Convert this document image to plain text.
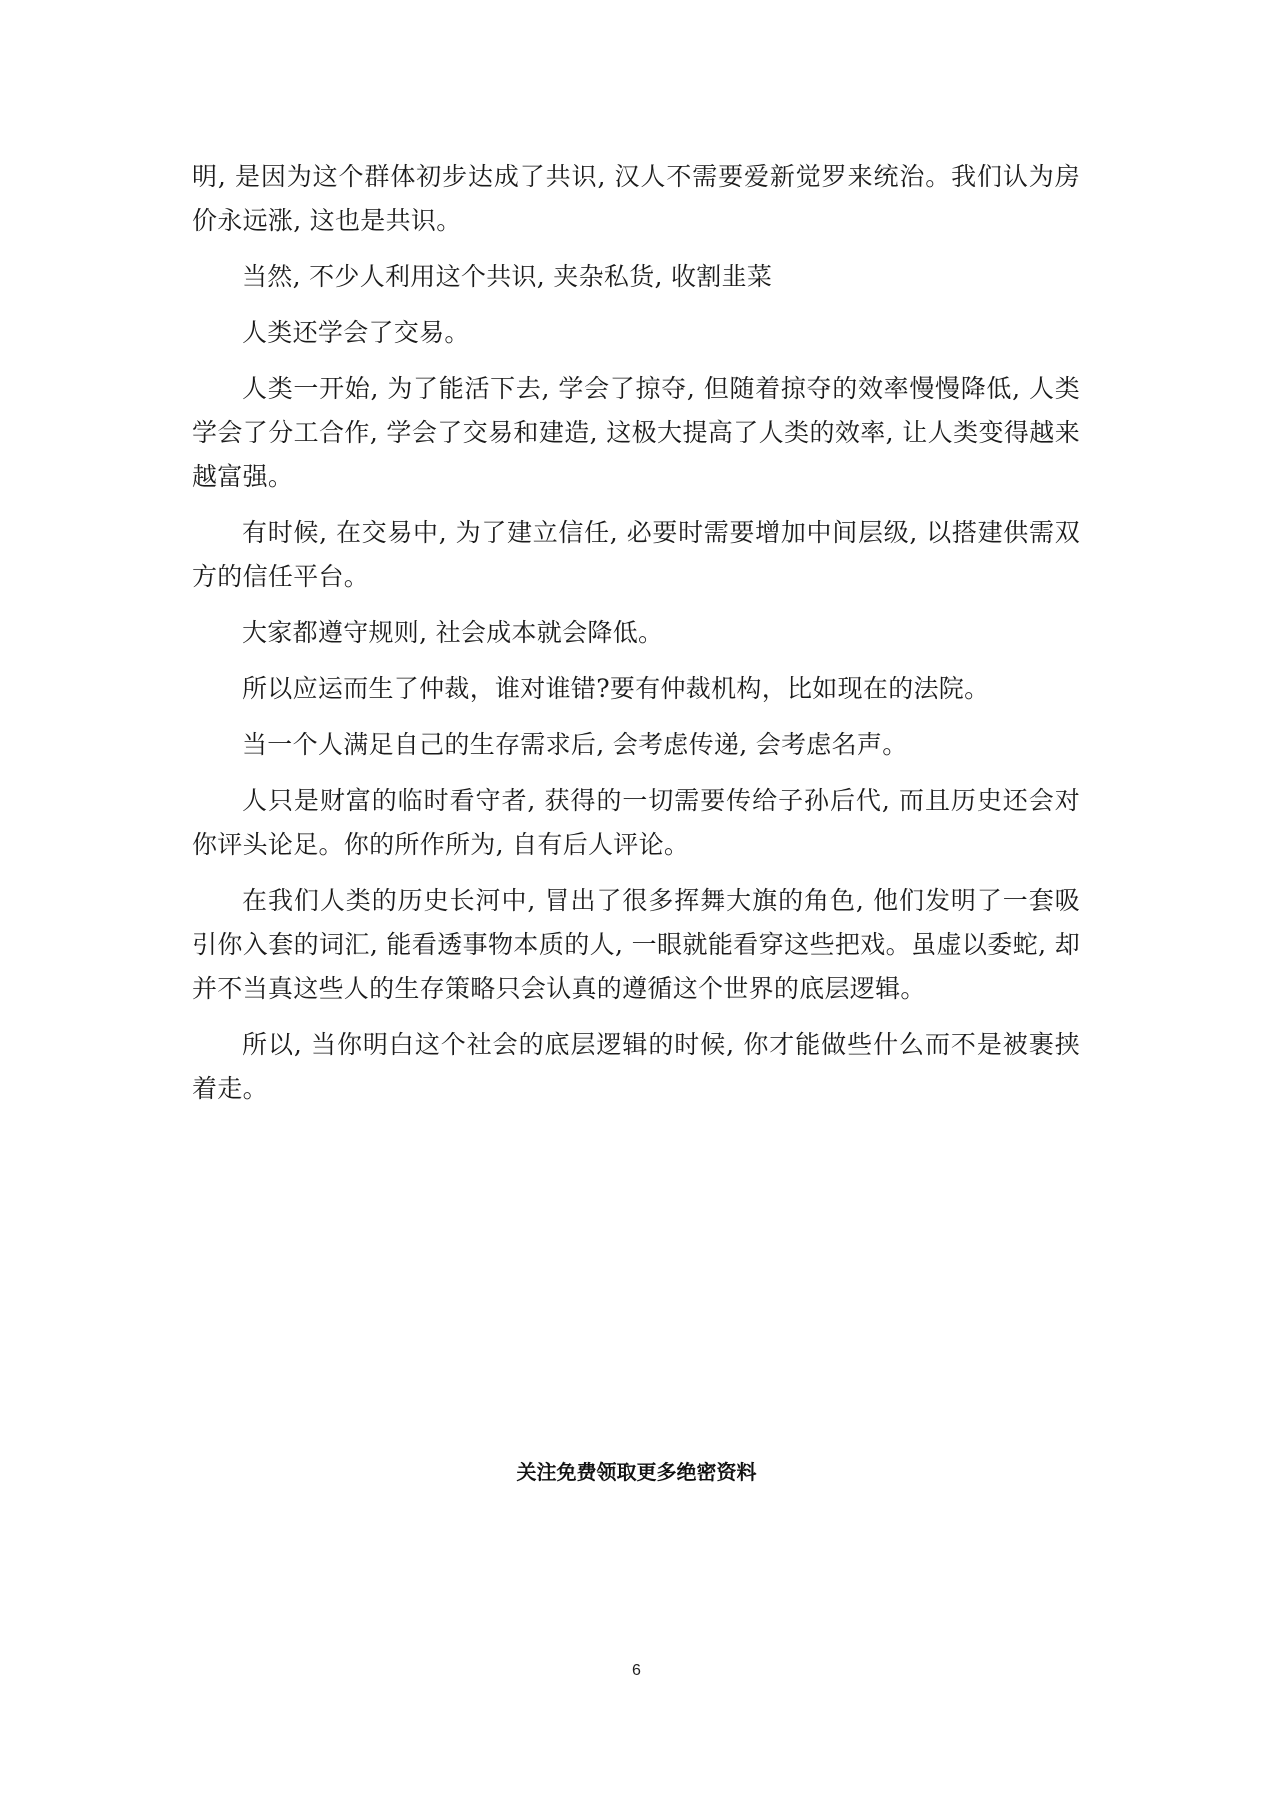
明, 是因为这个群体初步达成了共识, 汉人不需要爱新觉罗来统治。我们认为房价永远涨, 这也是共识。

当然, 不少人利用这个共识, 夹杂私货, 收割韭菜

人类还学会了交易。

人类一开始, 为了能活下去, 学会了掠夺, 但随着掠夺的效率慢慢降低, 人类学会了分工合作, 学会了交易和建造, 这极大提高了人类的效率, 让人类变得越来越富强。

有时候, 在交易中, 为了建立信任, 必要时需要增加中间层级, 以搭建供需双方的信任平台。

大家都遵守规则, 社会成本就会降低。

所以应运而生了仲裁，谁对谁错?要有仲裁机构，比如现在的法院。

当一个人满足自己的生存需求后, 会考虑传递, 会考虑名声。

人只是财富的临时看守者, 获得的一切需要传给子孙后代, 而且历史还会对你评头论足。你的所作所为, 自有后人评论。

在我们人类的历史长河中, 冒出了很多挥舞大旗的角色, 他们发明了一套吸引你入套的词汇, 能看透事物本质的人, 一眼就能看穿这些把戏。虽虚以委蛇, 却并不当真这些人的生存策略只会认真的遵循这个世界的底层逻辑。

所以, 当你明白这个社会的底层逻辑的时候, 你才能做些什么而不是被裹挟着走。

关注免费领取更多绝密资料
6
